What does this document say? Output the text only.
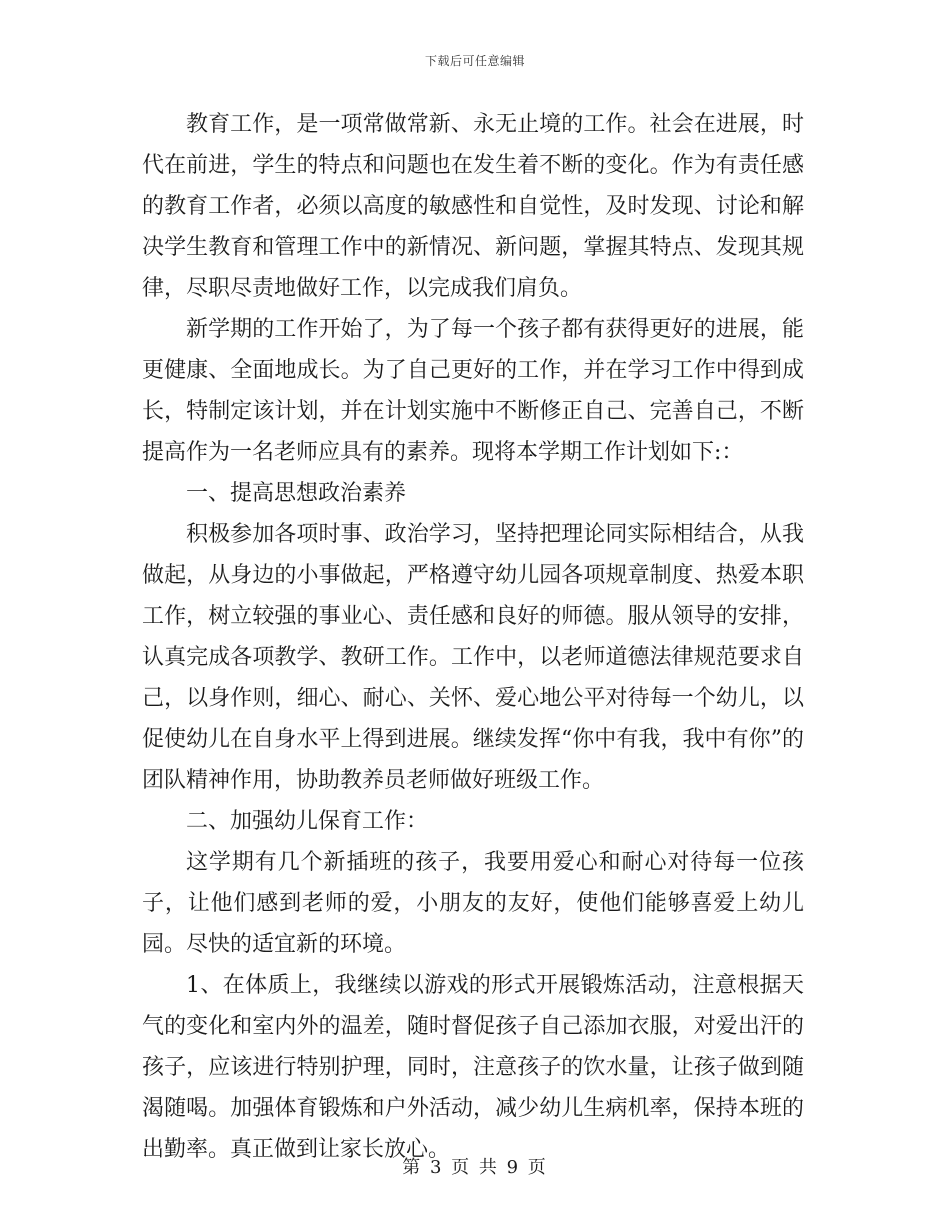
下载后可任意编辑

教育工作，是一项常做常新、永无止境的工作。社会在进展，时代在前进，学生的特点和问题也在发生着不断的变化。作为有责任感的教育工作者，必须以高度的敏感性和自觉性，及时发现、讨论和解决学生教育和管理工作中的新情况、新问题，掌握其特点、发现其规律，尽职尽责地做好工作，以完成我们肩负。

新学期的工作开始了，为了每一个孩子都有获得更好的进展，能更健康、全面地成长。为了自己更好的工作，并在学习工作中得到成长，特制定该计划，并在计划实施中不断修正自己、完善自己，不断提高作为一名老师应具有的素养。现将本学期工作计划如下:：

一、提高思想政治素养

积极参加各项时事、政治学习，坚持把理论同实际相结合，从我做起，从身边的小事做起，严格遵守幼儿园各项规章制度、热爱本职工作，树立较强的事业心、责任感和良好的师德。服从领导的安排，认真完成各项教学、教研工作。工作中，以老师道德法律规范要求自己，以身作则，细心、耐心、关怀、爱心地公平对待每一个幼儿，以促使幼儿在自身水平上得到进展。继续发挥“你中有我，我中有你”的团队精神作用，协助教养员老师做好班级工作。

二、加强幼儿保育工作：

这学期有几个新插班的孩子，我要用爱心和耐心对待每一位孩子，让他们感到老师的爱，小朋友的友好，使他们能够喜爱上幼儿园。尽快的适宜新的环境。

1、在体质上，我继续以游戏的形式开展锻炼活动，注意根据天气的变化和室内外的温差，随时督促孩子自己添加衣服，对爱出汗的孩子，应该进行特别护理，同时，注意孩子的饮水量，让孩子做到随渴随喝。加强体育锻炼和户外活动，减少幼儿生病机率，保持本班的出勤率。真正做到让家长放心。

第 3 页 共 9 页
